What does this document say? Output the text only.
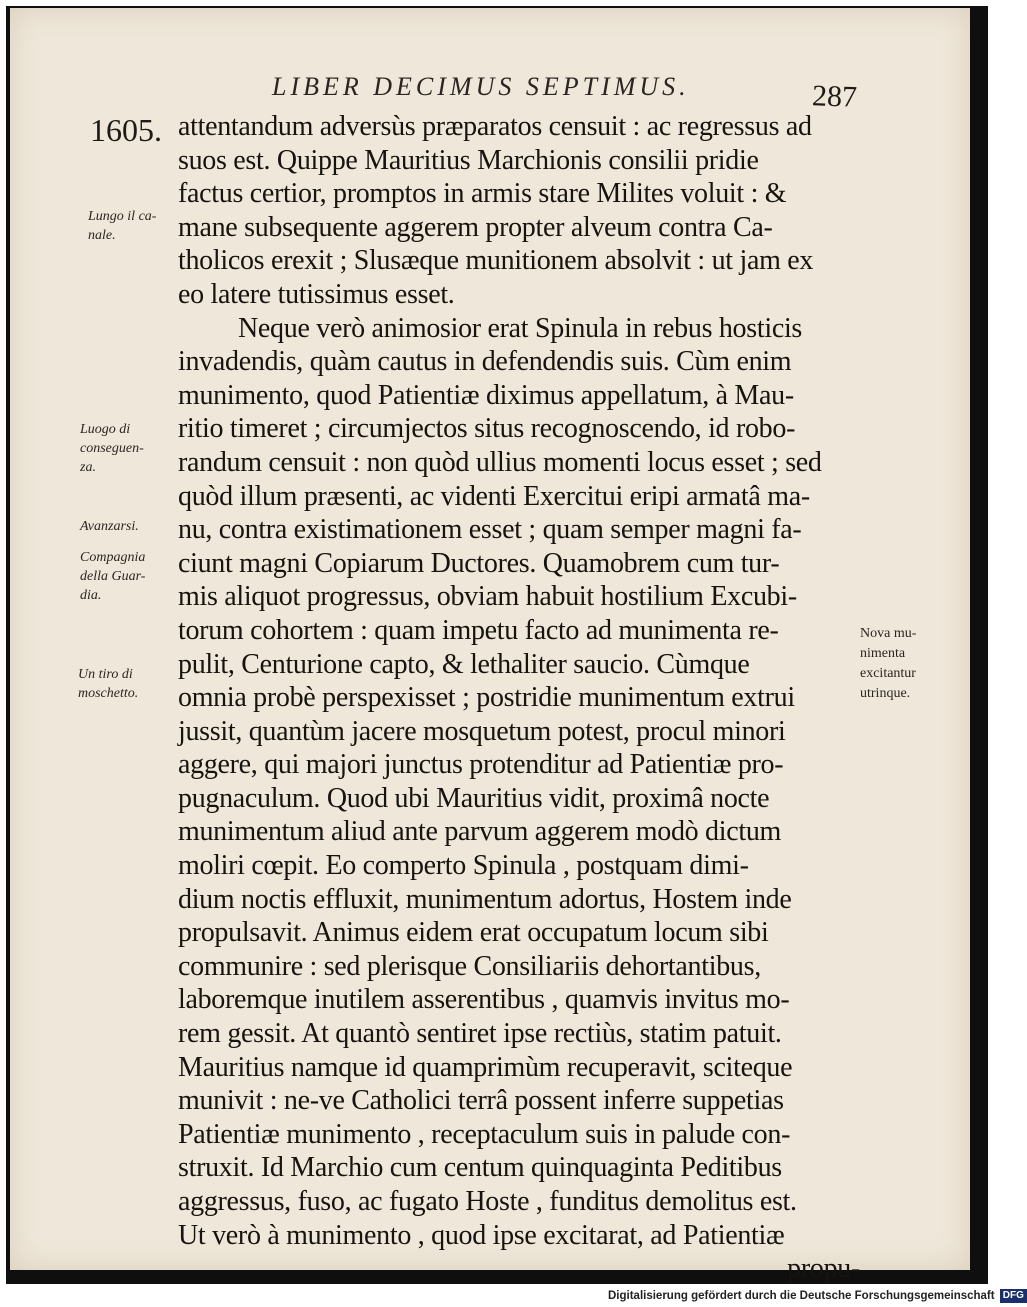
LIBER DECIMUS SEPTIMUS.	287
1605. attentandum adversùs præparatos censuit : ac regressus ad
suos est. Quippe Mauritius Marchionis consilii pridie
factus certior, promptos in armis stare Milites voluit : &
mane subsequente aggerem propter alveum contra Ca-
tholicos erexit ; Slusæque munitionem absolvit : ut jam ex
eo latere tutissimus esset.
Neque verò animosior erat Spinula in rebus hosticis
invadendis, quàm cautus in defendendis suis. Cùm enim
munimento, quod Patientiæ diximus appellatum, à Mau-
ritio timeret ; circumjectos situs recognoscendo, id robo-
randum censuit : non quòd ullius momenti locus esset ; sed
quòd illum præsenti, ac videnti Exercitui eripi armatâ ma-
nu, contra existimationem esset ; quam semper magni fa-
ciunt magni Copiarum Ductores. Quamobrem cum tur-
mis aliquot progressus, obviam habuit hostilium Excubi-
torum cohortem : quam impetu facto ad munimenta re-
pulit, Centurione capto, & lethaliter saucio. Cùmque
omnia probè perspexisset ; postridie munimentum extrui
jussit, quantùm jacere mosquetum potest, procul minori
aggere, qui majori junctus protenditur ad Patientiæ pro-
pugnaculum. Quod ubi Mauritius vidit, proximâ nocte
munimentum aliud ante parvum aggerem modò dictum
moliri cœpit. Eo comperto Spinula , postquam dimi-
dium noctis effluxit, munimentum adortus, Hostem inde
propulsavit. Animus eidem erat occupatum locum sibi
communire : sed plerisque Consiliariis dehortantibus,
laboremque inutilem asserentibus , quamvis invitus mo-
rem gessit. At quantò sentiret ipse rectiùs, statim patuit.
Mauritius namque id quamprimùm recuperavit, sciteque
munivit : ne-ve Catholici terrâ possent inferre suppetias
Patientiæ munimento , receptaculum suis in palude con-
struxit. Id Marchio cum centum quinquaginta Peditibus
aggressus, fuso, ac fugato Hoste , funditus demolitus est.
Ut verò à munimento , quod ipse excitarat, ad Patientiæ
propu-
Lungo il ca-
nale.
Luogo di
conseguen-
za.
Avanzarsi.
Compagnia
della Guar-
dia.
Un tiro di
moschetto.
Nova mu-
nimenta
excitantur
utrinque.
Digitalisierung gefördert durch die Deutsche Forschungsgemeinschaft DFG
